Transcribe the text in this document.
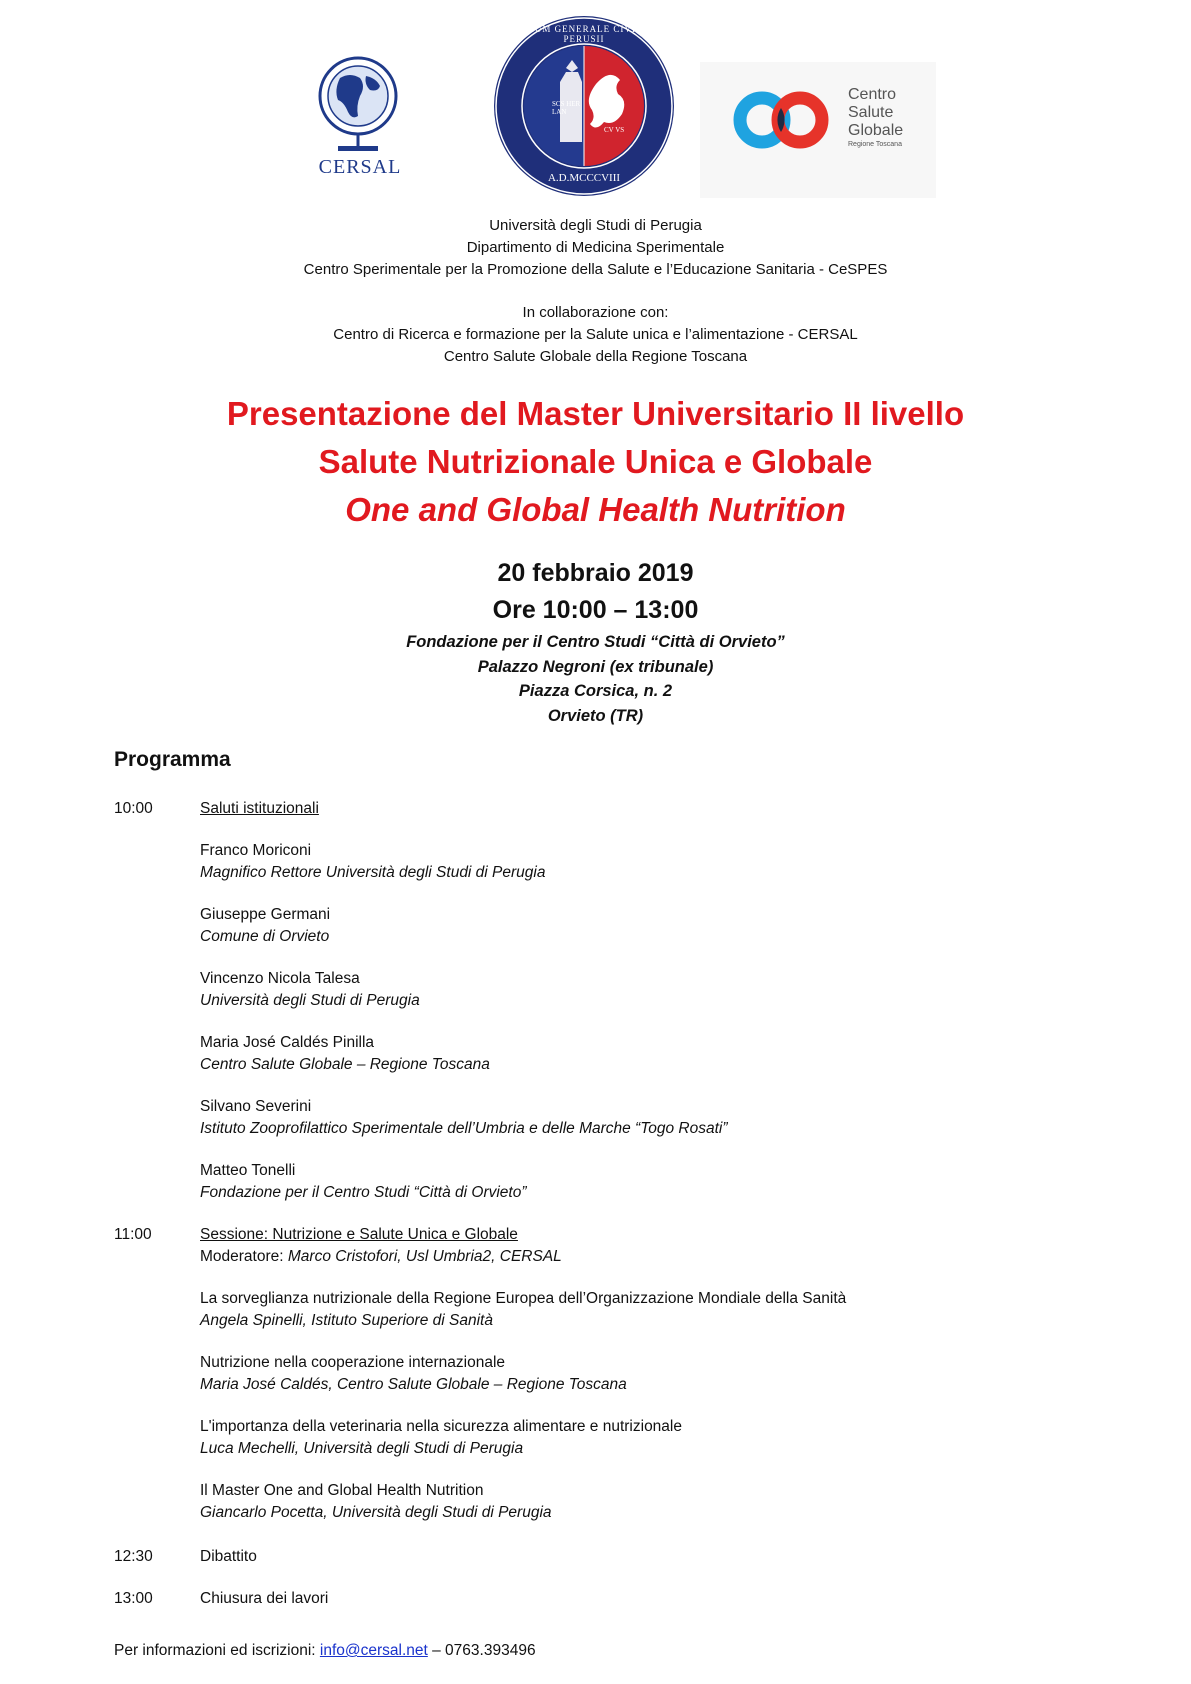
CERSAL
STUDIUM GENERALE CIVITATIS PERUSII
SCS HER LAN
CV VS
A.D.MCCCVIII
Centro
Salute
Globale
Regione Toscana
Università degli Studi di Perugia
Dipartimento di Medicina Sperimentale
Centro Sperimentale per la Promozione della Salute e l’Educazione Sanitaria - CeSPES
In collaborazione con:
Centro di Ricerca e formazione per la Salute unica e l’alimentazione - CERSAL
Centro Salute Globale della Regione Toscana
Presentazione del Master Universitario II livello
Salute Nutrizionale Unica e Globale
One and Global Health Nutrition
20 febbraio 2019
Ore 10:00 – 13:00
Fondazione per il Centro Studi “Città di Orvieto”
Palazzo Negroni (ex tribunale)
Piazza Corsica, n. 2
Orvieto (TR)
Programma
10:00	Saluti istituzionali
Franco Moriconi
Magnifico Rettore Università degli Studi di Perugia
Giuseppe Germani
Comune di Orvieto
Vincenzo Nicola Talesa
Università degli Studi di Perugia
Maria José Caldés Pinilla
Centro Salute Globale – Regione Toscana
Silvano Severini
Istituto Zooprofilattico Sperimentale dell’Umbria e delle Marche “Togo Rosati”
Matteo Tonelli
Fondazione per il Centro Studi “Città di Orvieto”
11:00	Sessione: Nutrizione e Salute Unica e Globale
Moderatore: Marco Cristofori, Usl Umbria2, CERSAL
La sorveglianza nutrizionale della Regione Europea dell’Organizzazione Mondiale della Sanità
Angela Spinelli, Istituto Superiore di Sanità
Nutrizione nella cooperazione internazionale
Maria José Caldés, Centro Salute Globale – Regione Toscana
L'importanza della veterinaria nella sicurezza alimentare e nutrizionale
Luca Mechelli, Università degli Studi di Perugia
Il Master One and Global Health Nutrition
Giancarlo Pocetta, Università degli Studi di Perugia
12:30	Dibattito
13:00	Chiusura dei lavori
Per informazioni ed iscrizioni: info@cersal.net – 0763.393496
